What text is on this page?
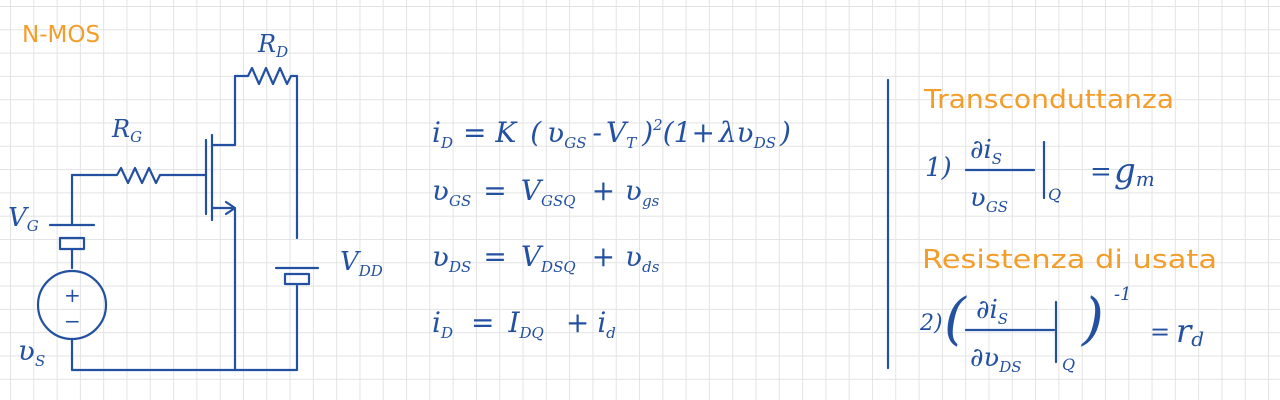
N-MOS	$R_D$
$R_G$
VG
$V_{DD}$
ʋ$_S$
+
−
$i_D = K$ ( ʋ$_{GS}$ - $V_T$ )$^2$(1+ λʋ$_{DS}$ )
ʋ$_{GS}$ = $V_{GSQ}$ + ʋ$_{gs}$
ʋ$_{DS}$ = $V_{DSQ}$ + ʋ$_{ds}$
$i_D = I_{DQ} + i_d$
Transconduttanza
1)
$\partial i_S$
ʋ$_{GS}$
Q
= gm
Resistenza di usata
2) ( $\partial i_S$
∂ʋ$_{DS}$	Q
) -1
= rd
